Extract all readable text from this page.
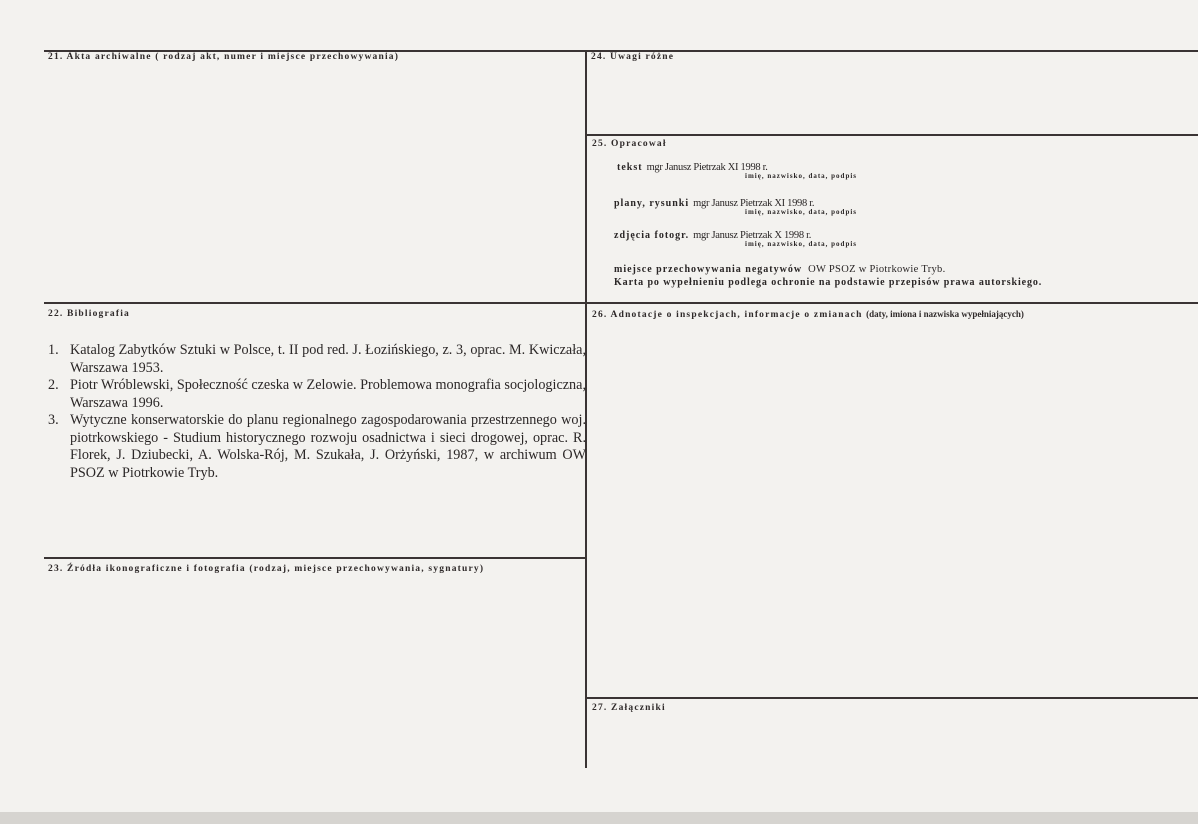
21. Akta archiwalne ( rodzaj akt, numer i miejsce przechowywania)	24. Uwagi różne
25. Opracował
tekst mgr Janusz Pietrzak XI 1998 r.
imię, nazwisko, data, podpis
plany, rysunki mgr Janusz Pietrzak XI 1998 r.
imię, nazwisko, data, podpis
zdjęcia fotogr. mgr Janusz Pietrzak X 1998 r.
imię, nazwisko, data, podpis
miejsce przechowywania negatywów OW PSOZ w Piotrkowie Tryb.
Karta po wypełnieniu podlega ochronie na podstawie przepisów prawa autorskiego.
22. Bibliografia
1. Katalog Zabytków Sztuki w Polsce, t. II pod red. J. Łozińskiego, z. 3, oprac. M. Kwiczała, Warszawa 1953.
2. Piotr Wróblewski, Społeczność czeska w Zelowie. Problemowa monografia socjologiczna, Warszawa 1996.
3. Wytyczne konserwatorskie do planu regionalnego zagospodarowania przestrzennego woj. piotrkowskiego - Studium historycznego rozwoju osadnictwa i sieci drogowej, oprac. R. Florek, J. Dziubecki, A. Wolska-Rój, M. Szukała, J. Orżyński, 1987, w archiwum OW PSOZ w Piotrkowie Tryb.
26. Adnotacje o inspekcjach, informacje o zmianach (daty, imiona i nazwiska wypełniających)
23. Źródła ikonograficzne i fotografia (rodzaj, miejsce przechowywania, sygnatury)
27. Załączniki
